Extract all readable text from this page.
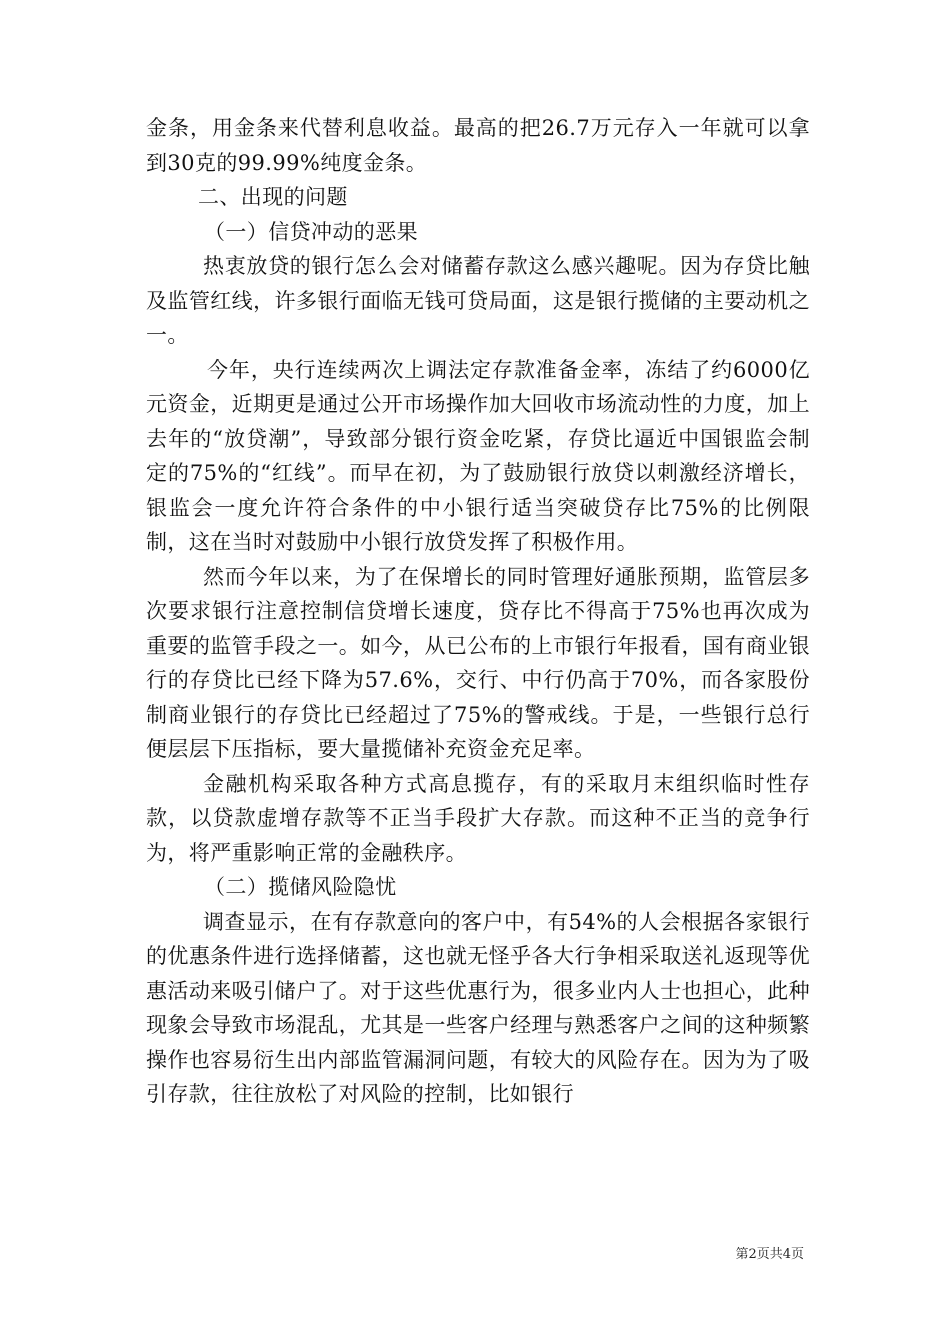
金条，用金条来代替利息收益。最高的把26.7万元存入一年就可以拿到30克的99.99%纯度金条。

二、出现的问题

（一）信贷冲动的恶果

热衷放贷的银行怎么会对储蓄存款这么感兴趣呢。因为存贷比触及监管红线，许多银行面临无钱可贷局面，这是银行揽储的主要动机之一。

今年，央行连续两次上调法定存款准备金率，冻结了约6000亿元资金，近期更是通过公开市场操作加大回收市场流动性的力度，加上去年的“放贷潮”，导致部分银行资金吃紧，存贷比逼近中国银监会制定的75%的“红线”。而早在初，为了鼓励银行放贷以刺激经济增长，银监会一度允许符合条件的中小银行适当突破贷存比75%的比例限制，这在当时对鼓励中小银行放贷发挥了积极作用。

然而今年以来，为了在保增长的同时管理好通胀预期，监管层多次要求银行注意控制信贷增长速度，贷存比不得高于75%也再次成为重要的监管手段之一。如今，从已公布的上市银行年报看，国有商业银行的存贷比已经下降为57.6%，交行、中行仍高于70%，而各家股份制商业银行的存贷比已经超过了75%的警戒线。于是，一些银行总行便层层下压指标，要大量揽储补充资金充足率。

金融机构采取各种方式高息揽存，有的采取月末组织临时性存款，以贷款虚增存款等不正当手段扩大存款。而这种不正当的竞争行为，将严重影响正常的金融秩序。

（二）揽储风险隐忧

调查显示，在有存款意向的客户中，有54%的人会根据各家银行的优惠条件进行选择储蓄，这也就无怪乎各大行争相采取送礼返现等优惠活动来吸引储户了。对于这些优惠行为，很多业内人士也担心，此种现象会导致市场混乱，尤其是一些客户经理与熟悉客户之间的这种频繁操作也容易衍生出内部监管漏洞问题，有较大的风险存在。因为为了吸引存款，往往放松了对风险的控制，比如银行

第2页共4页
